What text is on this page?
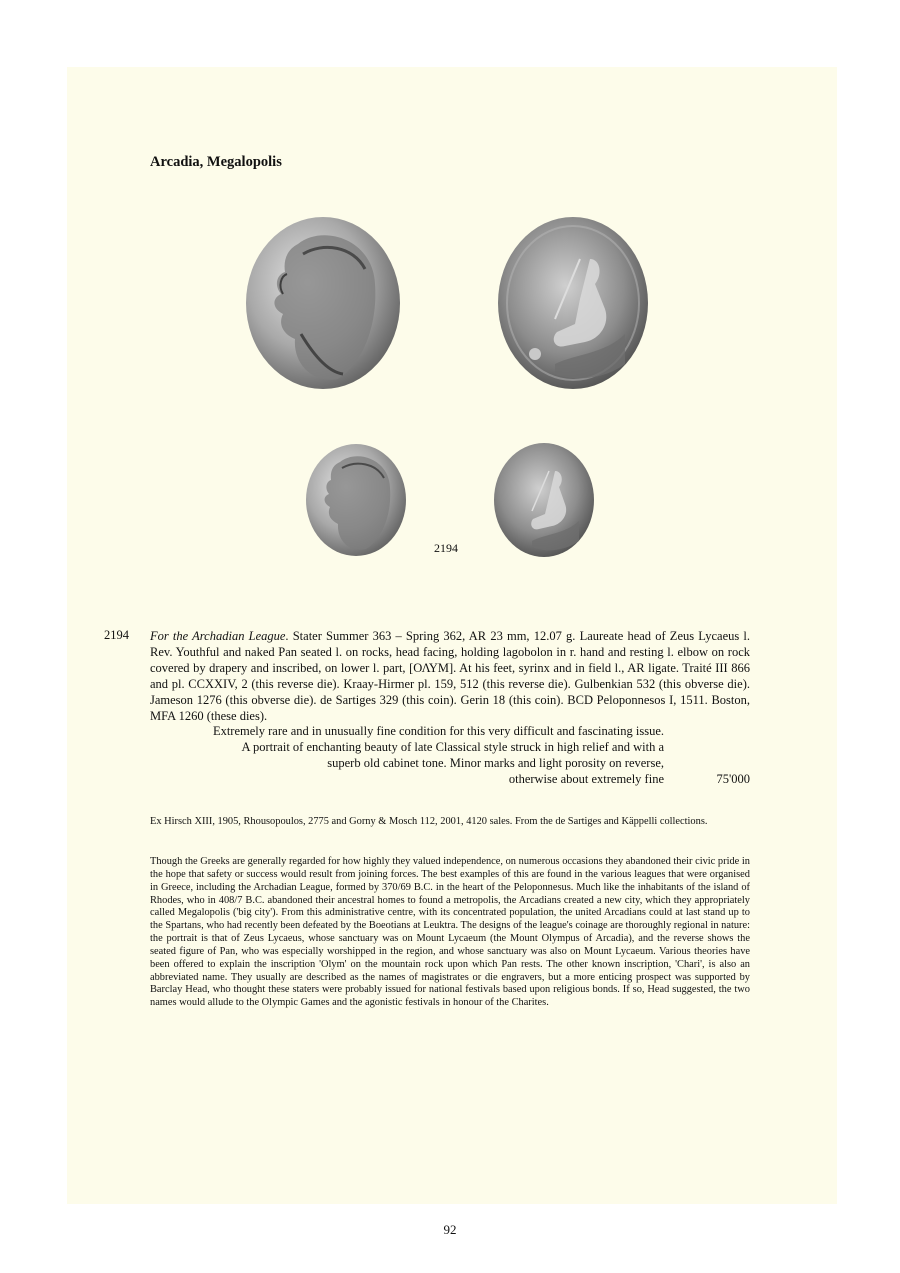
Arcadia, Megalopolis
2194
2194 For the Archadian League. Stater Summer 363 – Spring 362, AR 23 mm, 12.07 g. Laureate head of Zeus Lycaeus l. Rev. Youthful and naked Pan seated l. on rocks, head facing, holding lagobolon in r. hand and resting l. elbow on rock covered by drapery and inscribed, on lower l. part, [ΟΛΥΜ]. At his feet, syrinx and in field l., AR ligate. Traité III 866 and pl. CCXXIV, 2 (this reverse die). Kraay-Hirmer pl. 159, 512 (this reverse die). Gulbenkian 532 (this obverse die). Jameson 1276 (this obverse die). de Sartiges 329 (this coin). Gerin 18 (this coin). BCD Peloponnesos I, 1511. Boston, MFA 1260 (these dies).
Extremely rare and in unusually fine condition for this very difficult and fascinating issue.
A portrait of enchanting beauty of late Classical style struck in high relief and with a
superb old cabinet tone. Minor marks and light porosity on reverse,
otherwise about extremely fine	75'000
Ex Hirsch XIII, 1905, Rhousopoulos, 2775 and Gorny & Mosch 112, 2001, 4120 sales. From the de Sartiges and Käppelli collections.
Though the Greeks are generally regarded for how highly they valued independence, on numerous occasions they abandoned their civic pride in the hope that safety or success would result from joining forces. The best examples of this are found in the various leagues that were organised in Greece, including the Archadian League, formed by 370/69 B.C. in the heart of the Peloponnesus. Much like the inhabitants of the island of Rhodes, who in 408/7 B.C. abandoned their ancestral homes to found a metropolis, the Arcadians created a new city, which they appropriately called Megalopolis ('big city'). From this administrative centre, with its concentrated population, the united Arcadians could at last stand up to the Spartans, who had recently been defeated by the Boeotians at Leuktra. The designs of the league's coinage are thoroughly regional in nature: the portrait is that of Zeus Lycaeus, whose sanctuary was on Mount Lycaeum (the Mount Olympus of Arcadia), and the reverse shows the seated figure of Pan, who was especially worshipped in the region, and whose sanctuary was also on Mount Lycaeum. Various theories have been offered to explain the inscription 'Olym' on the mountain rock upon which Pan rests. The other known inscription, 'Chari', is also an abbreviated name. They usually are described as the names of magistrates or die engravers, but a more enticing prospect was supported by Barclay Head, who thought these staters were probably issued for national festivals based upon religious bonds. If so, Head suggested, the two names would allude to the Olympic Games and the agonistic festivals in honour of the Charites.
92
